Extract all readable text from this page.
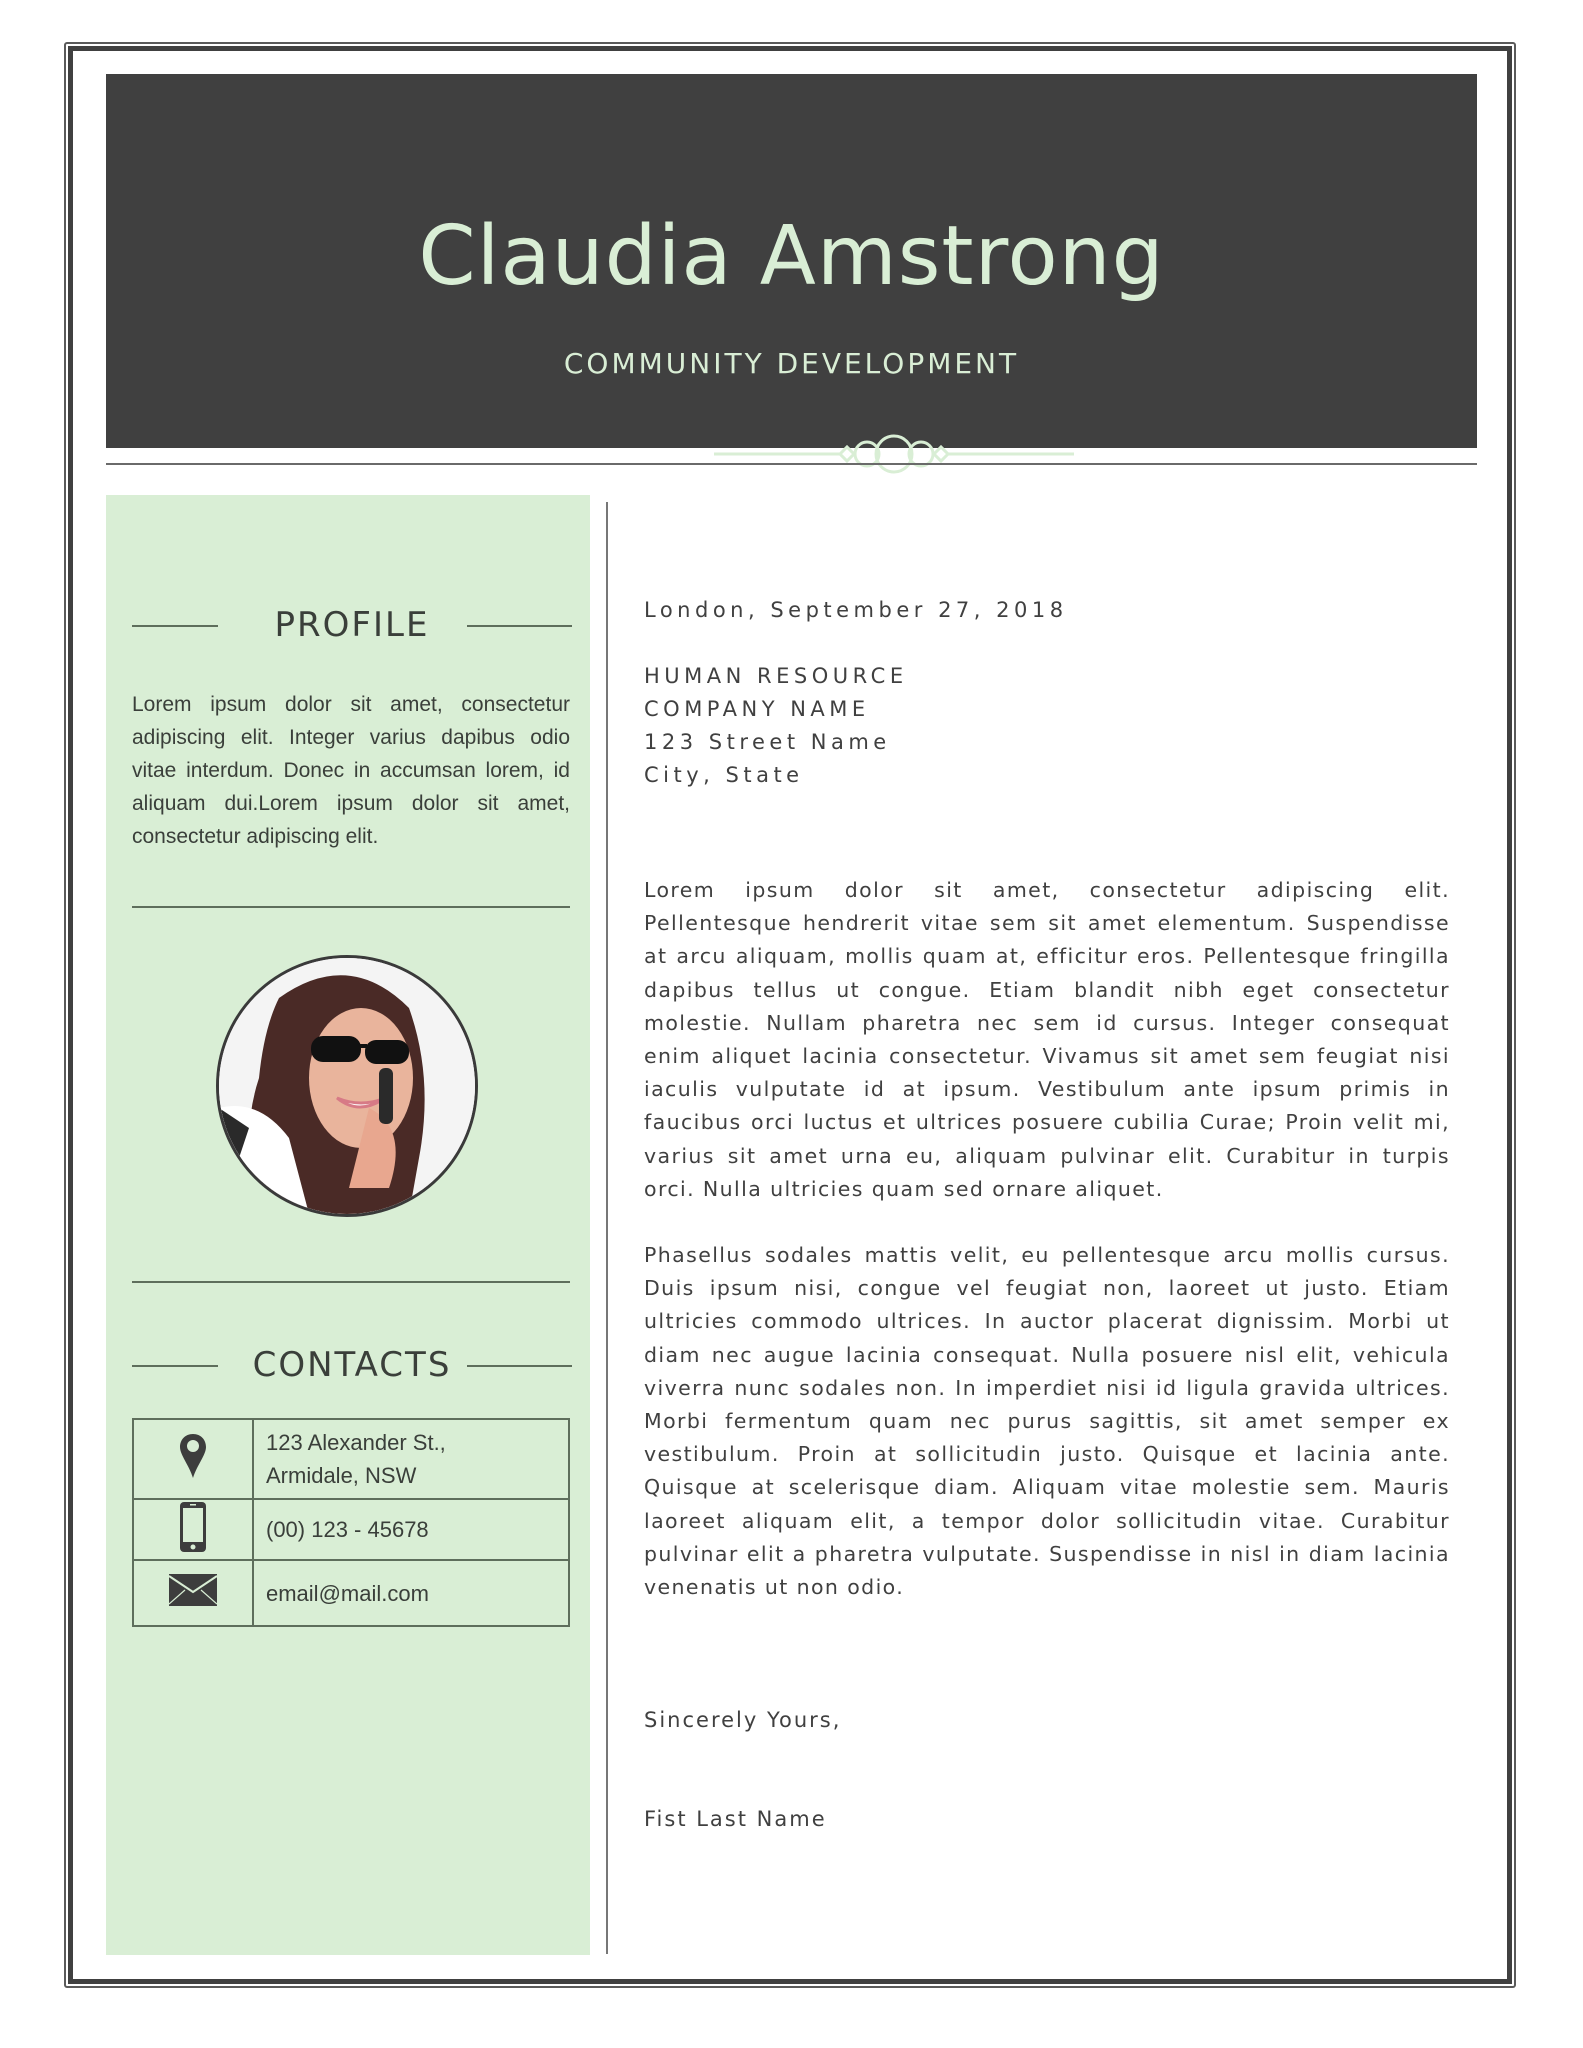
Claudia Amstrong
COMMUNITY DEVELOPMENT
PROFILE
Lorem ipsum dolor sit amet, consectetur adipiscing elit. Integer varius dapibus odio vitae interdum. Donec in accumsan lorem, id aliquam dui.Lorem ipsum dolor sit amet, consectetur adipiscing elit.
CONTACTS

123 Alexander St.,
Armidale, NSW

	(00) 123 - 45678
	email@mail.com
London, September 27, 2018
HUMAN RESOURCE
COMPANY NAME
123 Street Name
City, State

Lorem ipsum dolor sit amet, consectetur adipiscing elit. Pellentesque hendrerit vitae sem sit amet elementum. Suspendisse at arcu aliquam, mollis quam at, efficitur eros. Pellentesque fringilla dapibus tellus ut congue. Etiam blandit nibh eget consectetur molestie. Nullam pharetra nec sem id cursus. Integer consequat enim aliquet lacinia consectetur. Vivamus sit amet sem feugiat nisi iaculis vulputate id at ipsum. Vestibulum ante ipsum primis in faucibus orci luctus et ultrices posuere cubilia Curae; Proin velit mi, varius sit amet urna eu, aliquam pulvinar elit. Curabitur in turpis orci. Nulla ultricies quam sed ornare aliquet.

Phasellus sodales mattis velit, eu pellentesque arcu mollis cursus. Duis ipsum nisi, congue vel feugiat non, laoreet ut justo. Etiam ultricies commodo ultrices. In auctor placerat dignissim. Morbi ut diam nec augue lacinia consequat. Nulla posuere nisl elit, vehicula viverra nunc sodales non. In imperdiet nisi id ligula gravida ultrices. Morbi fermentum quam nec purus sagittis, sit amet semper ex vestibulum. Proin at sollicitudin justo. Quisque et lacinia ante. Quisque at scelerisque diam. Aliquam vitae molestie sem. Mauris laoreet aliquam elit, a tempor dolor sollicitudin vitae. Curabitur pulvinar elit a pharetra vulputate. Suspendisse in nisl in diam lacinia venenatis ut non odio.

Sincerely Yours,
Fist Last Name
